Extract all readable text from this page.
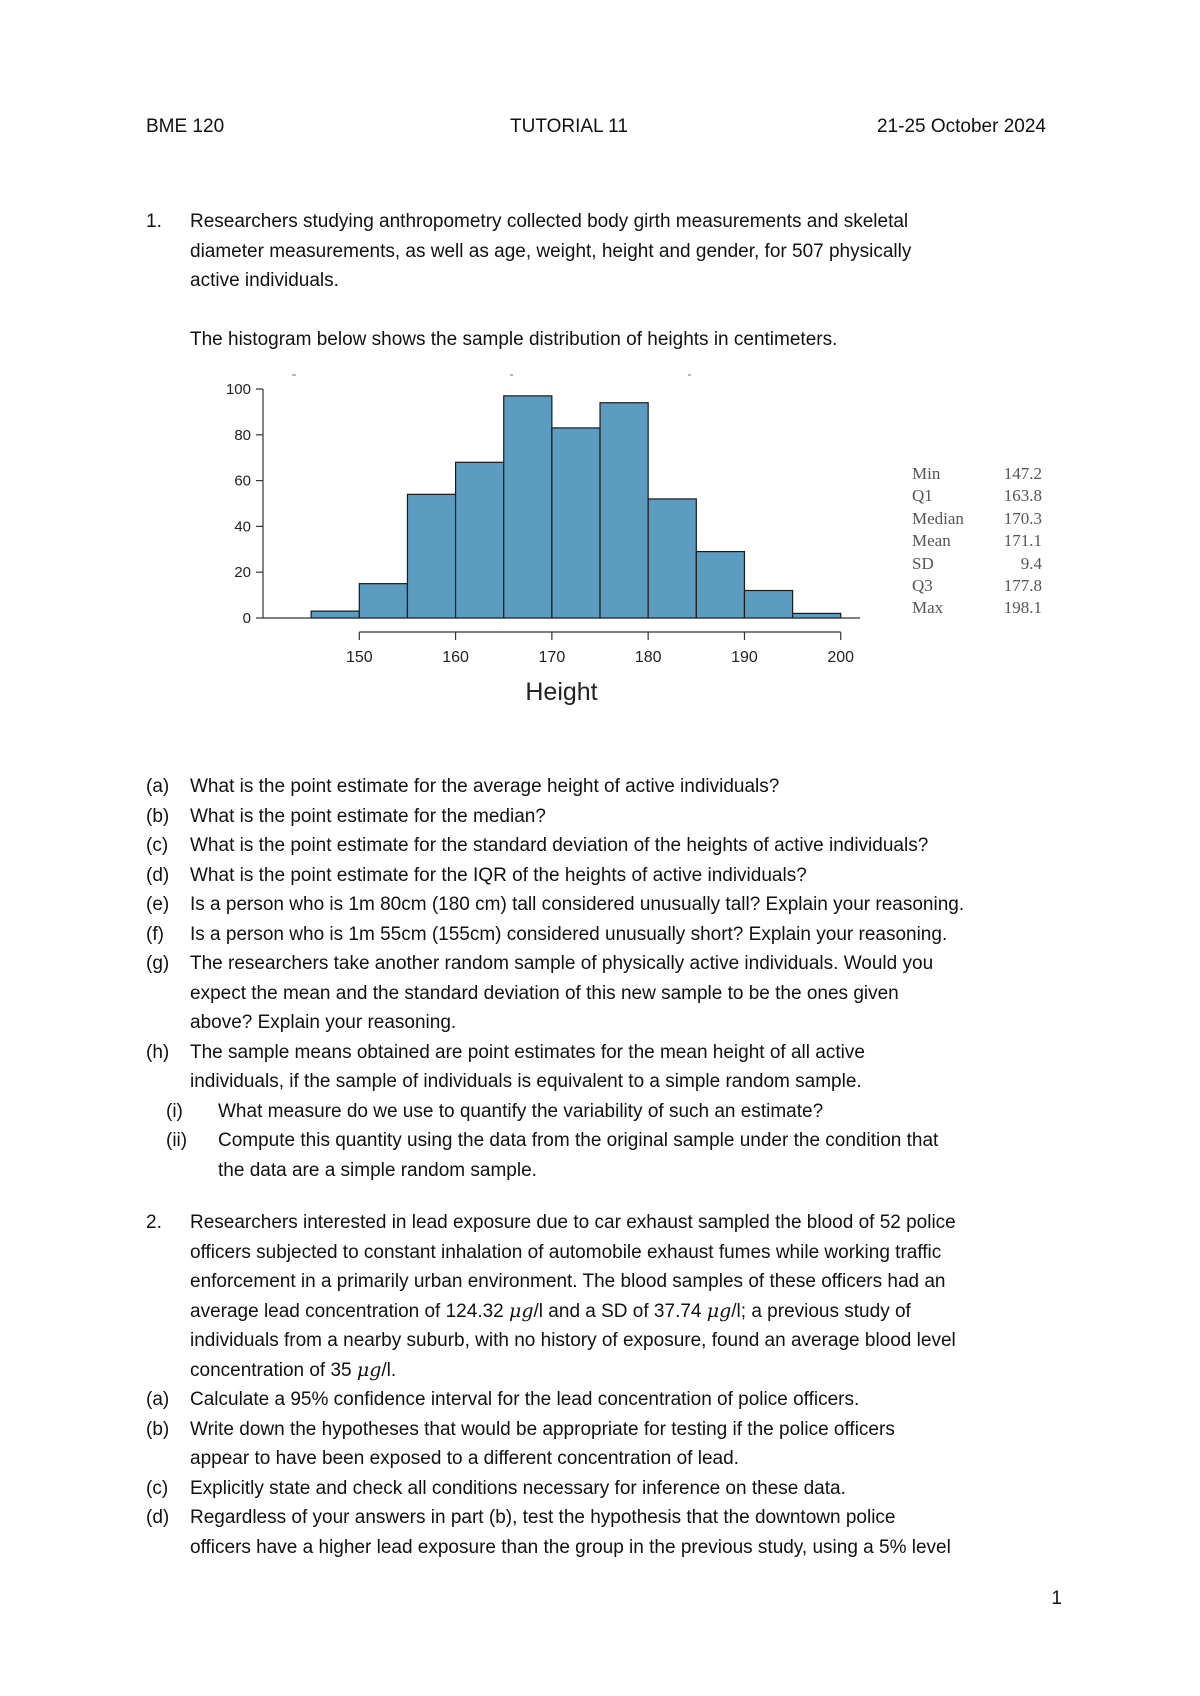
BME 120	TUTORIAL 11	21-25 October 2024
1. Researchers studying anthropometry collected body girth measurements and skeletal
diameter measurements, as well as age, weight, height and gender, for 507 physically
active individuals.
The histogram below shows the sample distribution of heights in centimeters.
0
20
40
60
80
100
150	160	170	180	190	200
Height
Min	147.2
Q1	163.8
Median 170.3
Mean	171.1
SD	9.4
Q3	177.8
Max	198.1
(a) What is the point estimate for the average height of active individuals?
(b) What is the point estimate for the median?
(c) What is the point estimate for the standard deviation of the heights of active individuals?
(d) What is the point estimate for the IQR of the heights of active individuals?
(e) Is a person who is 1m 80cm (180 cm) tall considered unusually tall? Explain your reasoning.
(f) Is a person who is 1m 55cm (155cm) considered unusually short? Explain your reasoning.
(g) The researchers take another random sample of physically active individuals. Would you
expect the mean and the standard deviation of this new sample to be the ones given
above? Explain your reasoning.
(h) The sample means obtained are point estimates for the mean height of all active
individuals, if the sample of individuals is equivalent to a simple random sample.
(i) What measure do we use to quantify the variability of such an estimate?
(ii) Compute this quantity using the data from the original sample under the condition that
the data are a simple random sample.
2. Researchers interested in lead exposure due to car exhaust sampled the blood of 52 police
officers subjected to constant inhalation of automobile exhaust fumes while working traffic
enforcement in a primarily urban environment. The blood samples of these officers had an
average lead concentration of 124.32 μg/l and a SD of 37.74 μg/l; a previous study of
individuals from a nearby suburb, with no history of exposure, found an average blood level
concentration of 35 μg/l.
(a) Calculate a 95% confidence interval for the lead concentration of police officers.
(b) Write down the hypotheses that would be appropriate for testing if the police officers
appear to have been exposed to a different concentration of lead.
(c) Explicitly state and check all conditions necessary for inference on these data.
(d) Regardless of your answers in part (b), test the hypothesis that the downtown police
officers have a higher lead exposure than the group in the previous study, using a 5% level
1
